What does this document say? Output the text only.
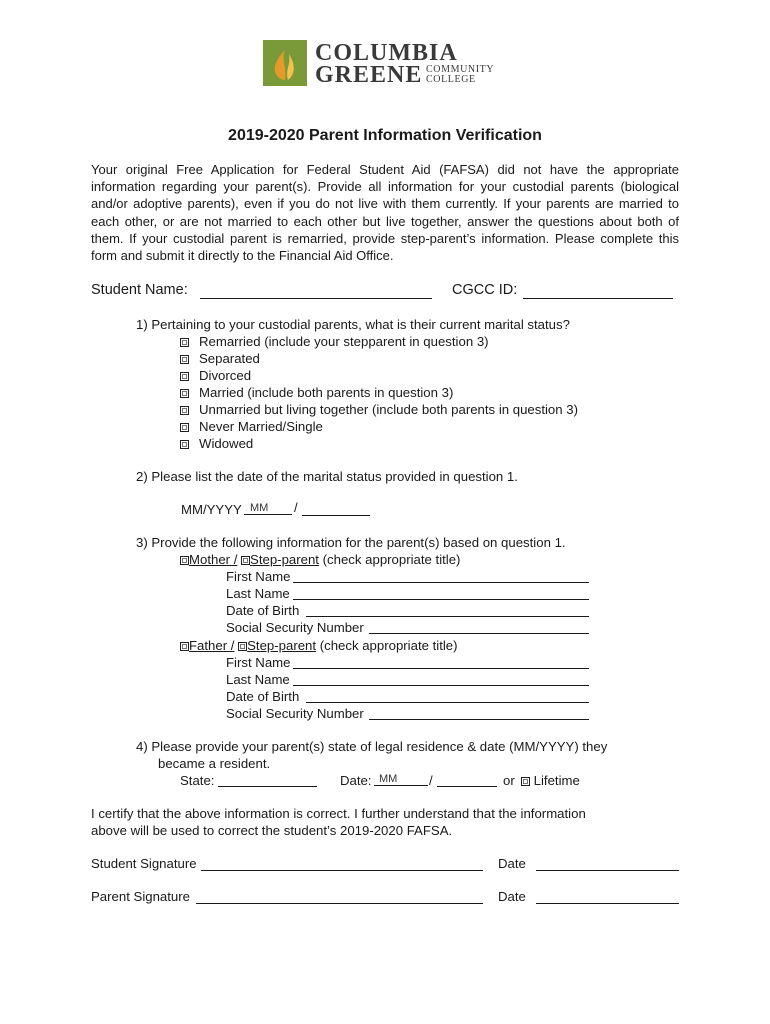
COLUMBIA
GREENE COMMUNITY
COLLEGE
2019-2020 Parent Information Verification

Your original Free Application for Federal Student Aid (FAFSA) did not have the appropriate information regarding your parent(s). Provide all information for your custodial parents (biological and/or adoptive parents), even if you do not live with them currently. If your parents are married to each other, or are not married to each other but live together, answer the questions about both of them. If your custodial parent is remarried, provide step-parent’s information. Please complete this form and submit it directly to the Financial Aid Office.

Student Name:	CGCC ID:
1) Pertaining to your custodial parents, what is their current marital status?
Remarried (include your stepparent in question 3)
Separated
Divorced
Married (include both parents in question 3)
Unmarried but living together (include both parents in question 3)
Never Married/Single
Widowed
2) Please list the date of the marital status provided in question 1.
MM/YYYY MM	/
3) Provide the following information for the parent(s) based on question 1.
Mother / Step-parent (check appropriate title)
First Name
Last Name
Date of Birth
Social Security Number
Father / Step-parent (check appropriate title)
First Name
Last Name
Date of Birth
Social Security Number
4) Please provide your parent(s) state of legal residence & date (MM/YYYY) they
became a resident.
State:	Date: MM	/	or	Lifetime
I certify that the above information is correct. I further understand that the information
above will be used to correct the student’s 2019-2020 FAFSA.
Student Signature	Date
Parent Signature	Date
